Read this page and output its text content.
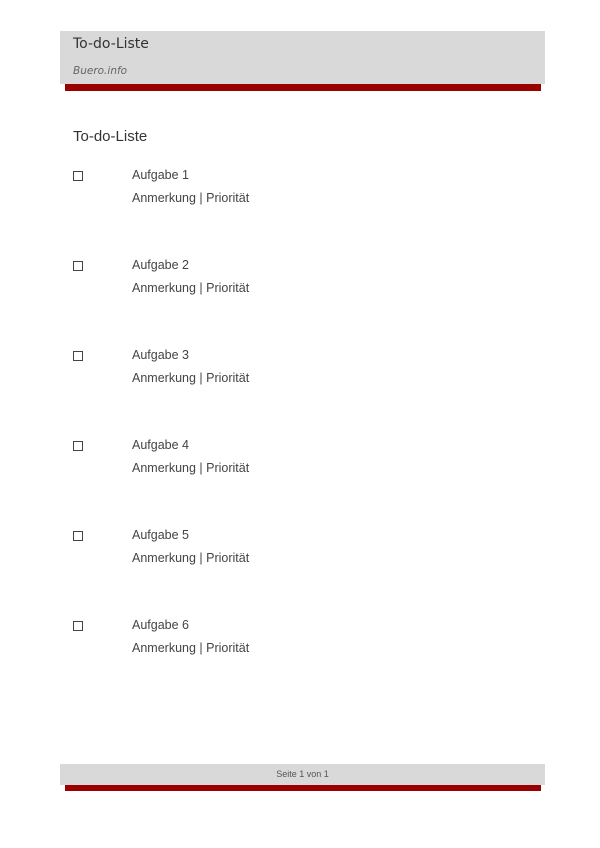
To-do-Liste
Buero.info
To-do-Liste
Aufgabe 1
Anmerkung | Priorität
Aufgabe 2
Anmerkung | Priorität
Aufgabe 3
Anmerkung | Priorität
Aufgabe 4
Anmerkung | Priorität
Aufgabe 5
Anmerkung | Priorität
Aufgabe 6
Anmerkung | Priorität
Seite 1 von 1
